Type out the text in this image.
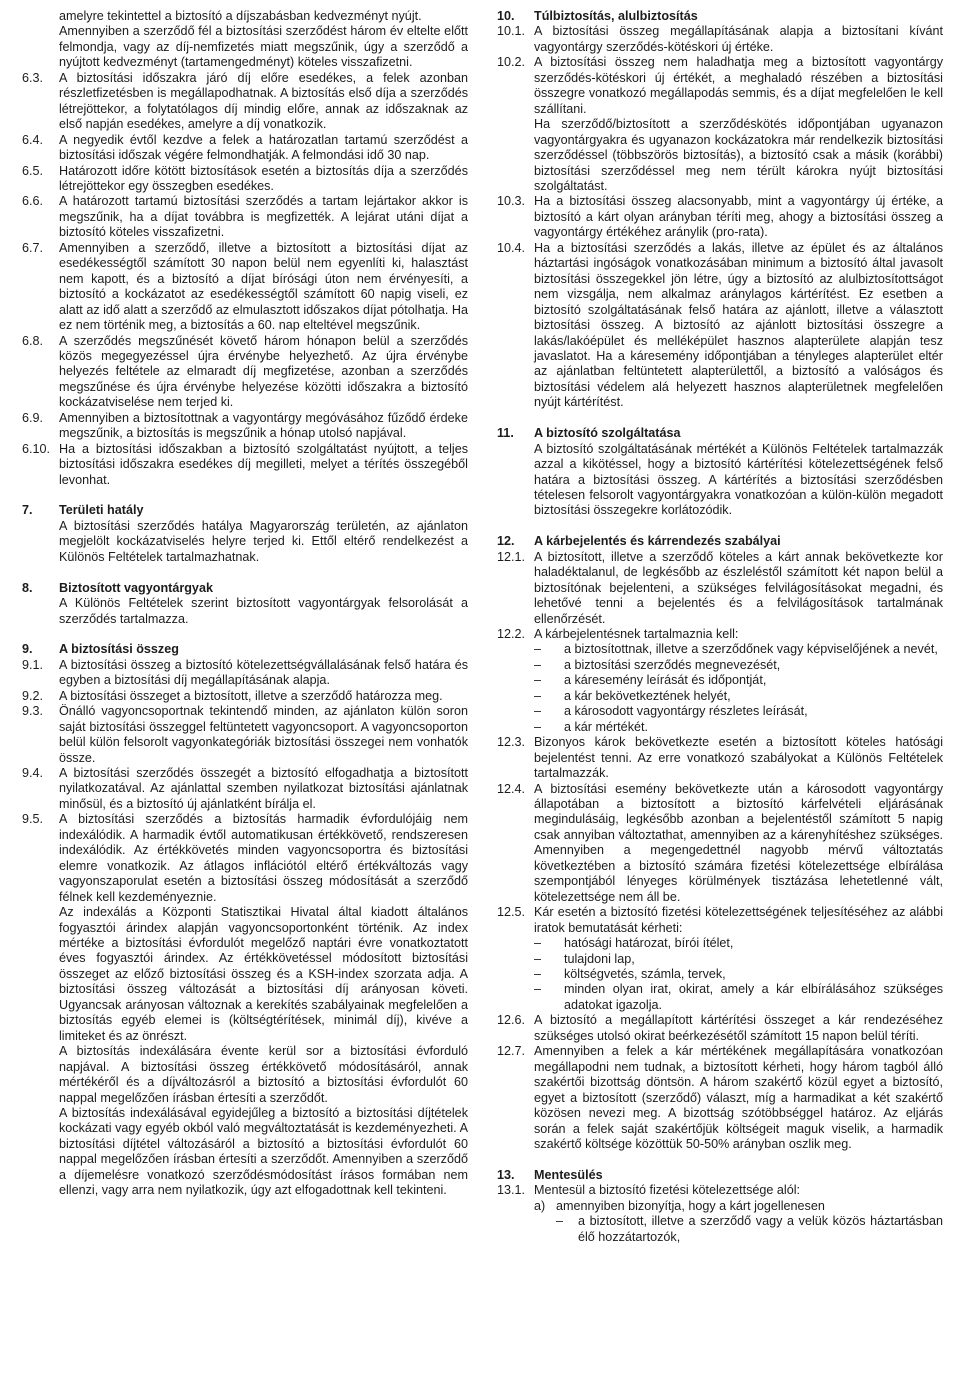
amelyre tekintettel a biztosító a díjszabásban kedvezményt nyújt.
Amennyiben a szerződő fél a biztosítási szerződést három év eltelte előtt felmondja, vagy az díj-nemfizetés miatt megszűnik, úgy a szerződő a nyújtott kedvezményt (tartamengedményt) köteles visszafizetni.
6.3. A biztosítási időszakra járó díj előre esedékes, a felek azonban részletfizetésben is megállapodhatnak. A biztosítás első díja a szerződés létrejöttekor, a folytatólagos díj mindig előre, annak az időszaknak az első napján esedékes, amelyre a díj vonatkozik.
6.4. A negyedik évtől kezdve a felek a határozatlan tartamú szerződést a biztosítási időszak végére felmondhatják. A felmondási idő 30 nap.
6.5. Határozott időre kötött biztosítások esetén a biztosítás díja a szerződés létrejöttekor egy összegben esedékes.
6.6. A határozott tartamú biztosítási szerződés a tartam lejártakor akkor is megszűnik, ha a díjat továbbra is megfizették. A lejárat utáni díjat a biztosító köteles visszafizetni.
6.7. Amennyiben a szerződő, illetve a biztosított a biztosítási díjat az esedékességtől számított 30 napon belül nem egyenlíti ki, halasztást nem kapott, és a biztosító a díjat bírósági úton nem érvényesíti, a biztosító a kockázatot az esedékességtől számított 60 napig viseli, ez alatt az idő alatt a szerződő az elmulasztott időszakos díjat pótolhatja. Ha ez nem történik meg, a biztosítás a 60. nap elteltével megszűnik.
6.8. A szerződés megszűnését követő három hónapon belül a szerződés közös megegyezéssel újra érvénybe helyezhető. Az újra érvénybe helyezés feltétele az elmaradt díj megfizetése, azonban a szerződés megszűnése és újra érvénybe helyezése közötti időszakra a biztosító kockázatviselése nem terjed ki.
6.9. Amennyiben a biztosítottnak a vagyontárgy megóvásához fűződő érdeke megszűnik, a biztosítás is megszűnik a hónap utolsó napjával.
6.10. Ha a biztosítási időszakban a biztosító szolgáltatást nyújtott, a teljes biztosítási időszakra esedékes díj megilleti, melyet a térítés összegéből levonhat.
7. Területi hatály
A biztosítási szerződés hatálya Magyarország területén, az ajánlaton megjelölt kockázatviselés helyre terjed ki. Ettől eltérő rendelkezést a Különös Feltételek tartalmazhatnak.
8. Biztosított vagyontárgyak
A Különös Feltételek szerint biztosított vagyontárgyak felsorolását a szerződés tartalmazza.
9. A biztosítási összeg
9.1. A biztosítási összeg a biztosító kötelezettségvállalásának felső határa és egyben a biztosítási díj megállapításának alapja.
9.2. A biztosítási összeget a biztosított, illetve a szerződő határozza meg.
9.3. Önálló vagyoncsoportnak tekintendő minden, az ajánlaton külön soron saját biztosítási összeggel feltüntetett vagyoncsoport. A vagyoncsoporton belül külön felsorolt vagyonkategóriák biztosítási összegei nem vonhatók össze.
9.4. A biztosítási szerződés összegét a biztosító elfogadhatja a biztosított nyilatkozatával. Az ajánlattal szemben nyilatkozat biztosítási ajánlatnak minősül, és a biztosító új ajánlatként bírálja el.
9.5. A biztosítási szerződés a biztosítás harmadik évfordulójáig nem indexálódik. A harmadik évtől automatikusan értékkövető, rendszeresen indexálódik. Az értékkövetés minden vagyoncsoportra és biztosítási elemre vonatkozik. Az átlagos inflációtól eltérő értékváltozás vagy vagyonszaporulat esetén a biztosítási összeg módosítását a szerződő félnek kell kezdeményeznie.
Az indexálás a Központi Statisztikai Hivatal által kiadott általános fogyasztói árindex alapján vagyoncsoportonként történik. Az index mértéke a biztosítási évfordulót megelőző naptári évre vonatkoztatott éves fogyasztói árindex. Az értékkövetéssel módosított biztosítási összeget az előző biztosítási összeg és a KSH-index szorzata adja. A biztosítási összeg változását a biztosítási díj arányosan követi. Ugyancsak arányosan változnak a kerekítés szabályainak megfelelően a biztosítás egyéb elemei is (költségtérítések, minimál díj), kivéve a limiteket és az önrészt.
A biztosítás indexálására évente kerül sor a biztosítási évforduló napjával. A biztosítási összeg értékkövető módosításáról, annak mértékéről és a díjváltozásról a biztosító a biztosítási évfordulót 60 nappal megelőzően írásban értesíti a szerződőt.
A biztosítás indexálásával egyidejűleg a biztosító a biztosítási díjtételek kockázati vagy egyéb okból való megváltoztatását is kezdeményezheti. A biztosítási díjtétel változásáról a biztosító a biztosítási évfordulót 60 nappal megelőzően írásban értesíti a szerződőt. Amennyiben a szerződő a díjemelésre vonatkozó szerződésmódosítást írásos formában nem ellenzi, vagy arra nem nyilatkozik, úgy azt elfogadottnak kell tekinteni.
10. Túlbiztosítás, alulbiztosítás
10.1. A biztosítási összeg megállapításának alapja a biztosítani kívánt vagyontárgy szerződés-kötéskori új értéke.
10.2. A biztosítási összeg nem haladhatja meg a biztosított vagyontárgy szerződés-kötéskori új értékét, a meghaladó részében a biztosítási összegre vonatkozó megállapodás semmis, és a díjat megfelelően le kell szállítani.
Ha szerződő/biztosított a szerződéskötés időpontjában ugyanazon vagyontárgyakra és ugyanazon kockázatokra már rendelkezik biztosítási szerződéssel (többszörös biztosítás), a biztosító csak a másik (korábbi) biztosítási szerződéssel meg nem térült károkra nyújt biztosítási szolgáltatást.
10.3. Ha a biztosítási összeg alacsonyabb, mint a vagyontárgy új értéke, a biztosító a kárt olyan arányban téríti meg, ahogy a biztosítási összeg a vagyontárgy értékéhez aránylik (pro-rata).
10.4. Ha a biztosítási szerződés a lakás, illetve az épület és az általános háztartási ingóságok vonatkozásában minimum a biztosító által javasolt biztosítási összegekkel jön létre, úgy a biztosító az alulbiztosítottságot nem vizsgálja, nem alkalmaz aránylagos kártérítést. Ez esetben a biztosító szolgáltatásának felső határa az ajánlott, illetve a választott biztosítási összeg. A biztosító az ajánlott biztosítási összegre a lakás/lakóépület és melléképület hasznos alapterülete alapján tesz javaslatot. Ha a káresemény időpontjában a tényleges alapterület eltér az ajánlatban feltüntetett alapterülettől, a biztosító a valóságos és biztosítási védelem alá helyezett hasznos alapterületnek megfelelően nyújt kártérítést.
11. A biztosító szolgáltatása
A biztosító szolgáltatásának mértékét a Különös Feltételek tartalmazzák azzal a kikötéssel, hogy a biztosító kártérítési kötelezettségének felső határa a biztosítási összeg. A kártérítés a biztosítási szerződésben tételesen felsorolt vagyontárgyakra vonatkozóan a külön-külön megadott biztosítási összegekre korlátozódik.
12. A kárbejelentés és kárrendezés szabályai
12.1. A biztosított, illetve a szerződő köteles a kárt annak bekövetkezte kor haladéktalanul, de legkésőbb az észleléstől számított két napon belül a biztosítónak bejelenteni, a szükséges felvilágosításokat megadni, és lehetővé tenni a bejelentés és a felvilágosítások tartalmának ellenőrzését.
12.2. A kárbejelentésnek tartalmaznia kell:
– a biztosítottnak, illetve a szerződőnek vagy képviselőjének a nevét,
– a biztosítási szerződés megnevezését,
– a káresemény leírását és időpontját,
– a kár bekövetkeztének helyét,
– a károsodott vagyontárgy részletes leírását,
– a kár mértékét.
12.3. Bizonyos károk bekövetkezte esetén a biztosított köteles hatósági bejelentést tenni. Az erre vonatkozó szabályokat a Különös Feltételek tartalmazzák.
12.4. A biztosítási esemény bekövetkezte után a károsodott vagyontárgy állapotában a biztosított a biztosító kárfelvételi eljárásának megindulásáig, legkésőbb azonban a bejelentéstől számított 5 napig csak annyiban változtathat, amennyiben az a kárenyhítéshez szükséges. Amennyiben a megengedettnél nagyobb mérvű változtatás következtében a biztosító számára fizetési kötelezettsége elbírálása szempontjából lényeges körülmények tisztázása lehetetlenné vált, kötelezettsége nem áll be.
12.5. Kár esetén a biztosító fizetési kötelezettségének teljesítéséhez az alábbi iratok bemutatását kérheti:
– hatósági határozat, bírói ítélet,
– tulajdoni lap,
– költségvetés, számla, tervek,
– minden olyan irat, okirat, amely a kár elbírálásához szükséges adatokat igazolja.
12.6. A biztosító a megállapított kártérítési összeget a kár rendezéséhez szükséges utolsó okirat beérkezésétől számított 15 napon belül téríti.
12.7. Amennyiben a felek a kár mértékének megállapítására vonatkozóan megállapodni nem tudnak, a biztosított kérheti, hogy három tagból álló szakértői bizottság döntsön. A három szakértő közül egyet a biztosító, egyet a biztosított (szerződő) választ, míg a harmadikat a két szakértő közösen nevezi meg. A bizottság szótöbbséggel határoz. Az eljárás során a felek saját szakértőjük költségeit maguk viselik, a harmadik szakértő költsége közöttük 50-50% arányban oszlik meg.
13. Mentesülés
13.1. Mentesül a biztosító fizetési kötelezettsége alól:
a) amennyiben bizonyítja, hogy a kárt jogellenesen
– a biztosított, illetve a szerződő vagy a velük közös háztartásban élő hozzátartozók,
